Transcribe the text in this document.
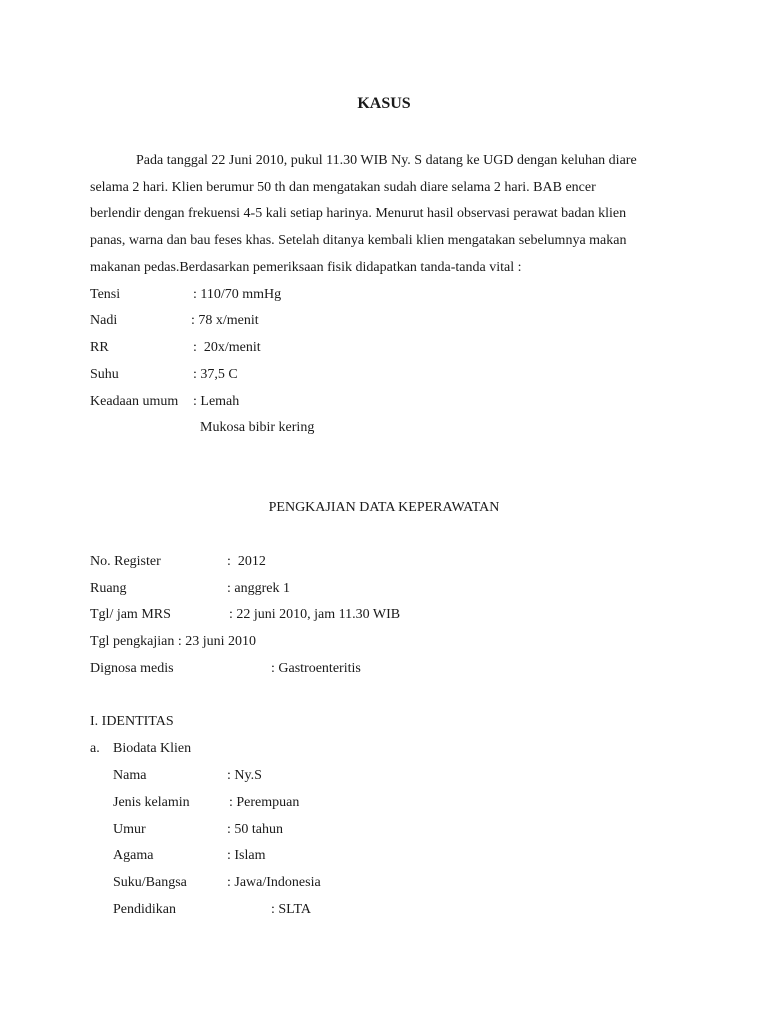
KASUS
Pada tanggal 22 Juni 2010, pukul 11.30 WIB Ny. S datang ke UGD dengan keluhan diare
selama 2 hari. Klien berumur 50 th dan mengatakan sudah diare selama 2 hari. BAB encer
berlendir dengan frekuensi 4-5 kali setiap harinya. Menurut hasil observasi perawat badan klien
panas, warna dan bau feses khas. Setelah ditanya kembali klien mengatakan sebelumnya makan
makanan pedas.Berdasarkan pemeriksaan fisik didapatkan tanda-tanda vital :
Tensi	: 110/70 mmHg
Nadi	: 78 x/menit
RR	:  20x/menit
Suhu	: 37,5 C
Keadaan umum : Lemah
Mukosa bibir kering
PENGKAJIAN DATA KEPERAWATAN
No. Register	:  2012
Ruang	: anggrek 1
Tgl/ jam MRS	: 22 juni 2010, jam 11.30 WIB
Tgl pengkajian : 23 juni 2010
Dignosa medis	: Gastroenteritis
I. IDENTITAS
a. Biodata Klien
Nama	: Ny.S
Jenis kelamin	: Perempuan
Umur	: 50 tahun
Agama	: Islam
Suku/Bangsa	: Jawa/Indonesia
Pendidikan	: SLTA
